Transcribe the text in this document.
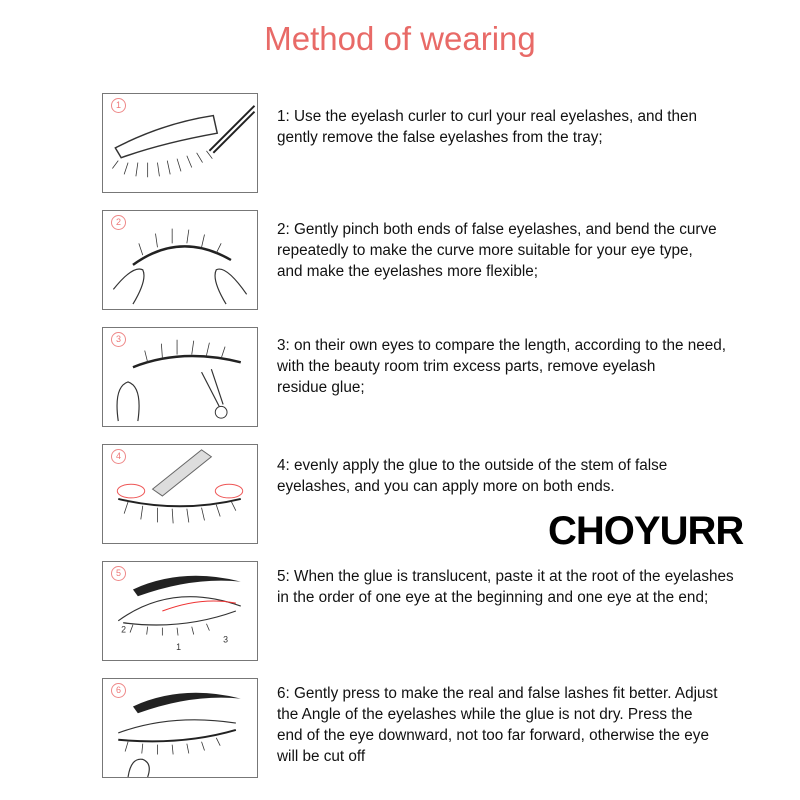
Method of wearing
1
1: Use the eyelash curler to curl your real eyelashes, and then
gently remove the false eyelashes from the tray;
2	2: Gently pinch both ends of false eyelashes, and bend the curve
repeatedly to make the curve more suitable for your eye type,
and make the eyelashes more flexible;
3	3: on their own eyes to compare the length, according to the need,
with the beauty room trim excess parts, remove eyelash
residue glue;
4
4: evenly apply the glue to the outside of the stem of false
eyelashes, and you can apply more on both ends.
5
2
1
3
5: When the glue is translucent, paste it at the root of the eyelashes
in the order of one eye at the beginning and one eye at the end;
6	6: Gently press to make the real and false lashes fit better. Adjust
the Angle of the eyelashes while the glue is not dry. Press the
end of the eye downward, not too far forward, otherwise the eye
will be cut off
CHOYURR
